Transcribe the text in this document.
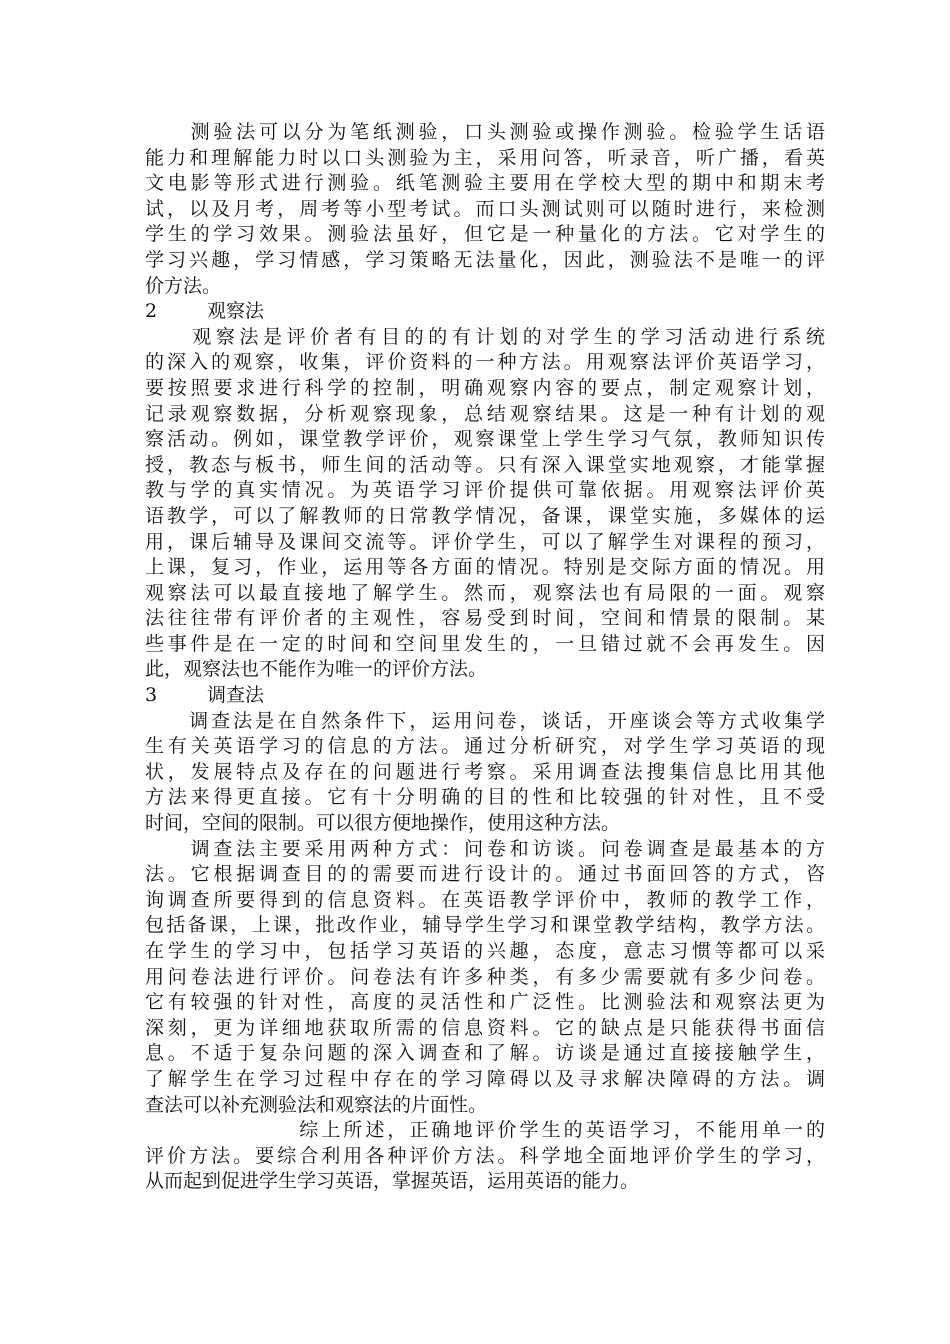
　　测验法可以分为笔纸测验，口头测验或操作测验。检验学生话语
能力和理解能力时以口头测验为主，采用问答，听录音，听广播，看英
文电影等形式进行测验。纸笔测验主要用在学校大型的期中和期末考
试，以及月考，周考等小型考试。而口头测试则可以随时进行，来检测
学生的学习效果。测验法虽好，但它是一种量化的方法。它对学生的
学习兴趣，学习情感，学习策略无法量化，因此，测验法不是唯一的评
价方法。
2	观察法
　　观察法是评价者有目的的有计划的对学生的学习活动进行系统
的深入的观察，收集，评价资料的一种方法。用观察法评价英语学习，
要按照要求进行科学的控制，明确观察内容的要点，制定观察计划，
记录观察数据，分析观察现象，总结观察结果。这是一种有计划的观
察活动。例如，课堂教学评价，观察课堂上学生学习气氛，教师知识传
授，教态与板书，师生间的活动等。只有深入课堂实地观察，才能掌握
教与学的真实情况。为英语学习评价提供可靠依据。用观察法评价英
语教学，可以了解教师的日常教学情况，备课，课堂实施，多媒体的运
用，课后辅导及课间交流等。评价学生，可以了解学生对课程的预习，
上课，复习，作业，运用等各方面的情况。特别是交际方面的情况。用
观察法可以最直接地了解学生。然而，观察法也有局限的一面。观察
法往往带有评价者的主观性，容易受到时间，空间和情景的限制。某
些事件是在一定的时间和空间里发生的，一旦错过就不会再发生。因
此，观察法也不能作为唯一的评价方法。
3	调查法
　　调查法是在自然条件下，运用问卷，谈话，开座谈会等方式收集学
生有关英语学习的信息的方法。通过分析研究，对学生学习英语的现
状，发展特点及存在的问题进行考察。采用调查法搜集信息比用其他
方法来得更直接。它有十分明确的目的性和比较强的针对性，且不受
时间，空间的限制。可以很方便地操作，使用这种方法。
　　调查法主要采用两种方式：问卷和访谈。问卷调查是最基本的方
法。它根据调查目的的需要而进行设计的。通过书面回答的方式，咨
询调查所要得到的信息资料。在英语教学评价中，教师的教学工作，
包括备课，上课，批改作业，辅导学生学习和课堂教学结构，教学方法。
在学生的学习中，包括学习英语的兴趣，态度，意志习惯等都可以采
用问卷法进行评价。问卷法有许多种类，有多少需要就有多少问卷。
它有较强的针对性，高度的灵活性和广泛性。比测验法和观察法更为
深刻，更为详细地获取所需的信息资料。它的缺点是只能获得书面信
息。不适于复杂问题的深入调查和了解。访谈是通过直接接触学生，
了解学生在学习过程中存在的学习障碍以及寻求解决障碍的方法。调
查法可以补充测验法和观察法的片面性。
　　　　　　　综上所述，正确地评价学生的英语学习，不能用单一的
评价方法。要综合利用各种评价方法。科学地全面地评价学生的学习，
从而起到促进学生学习英语，掌握英语，运用英语的能力。
